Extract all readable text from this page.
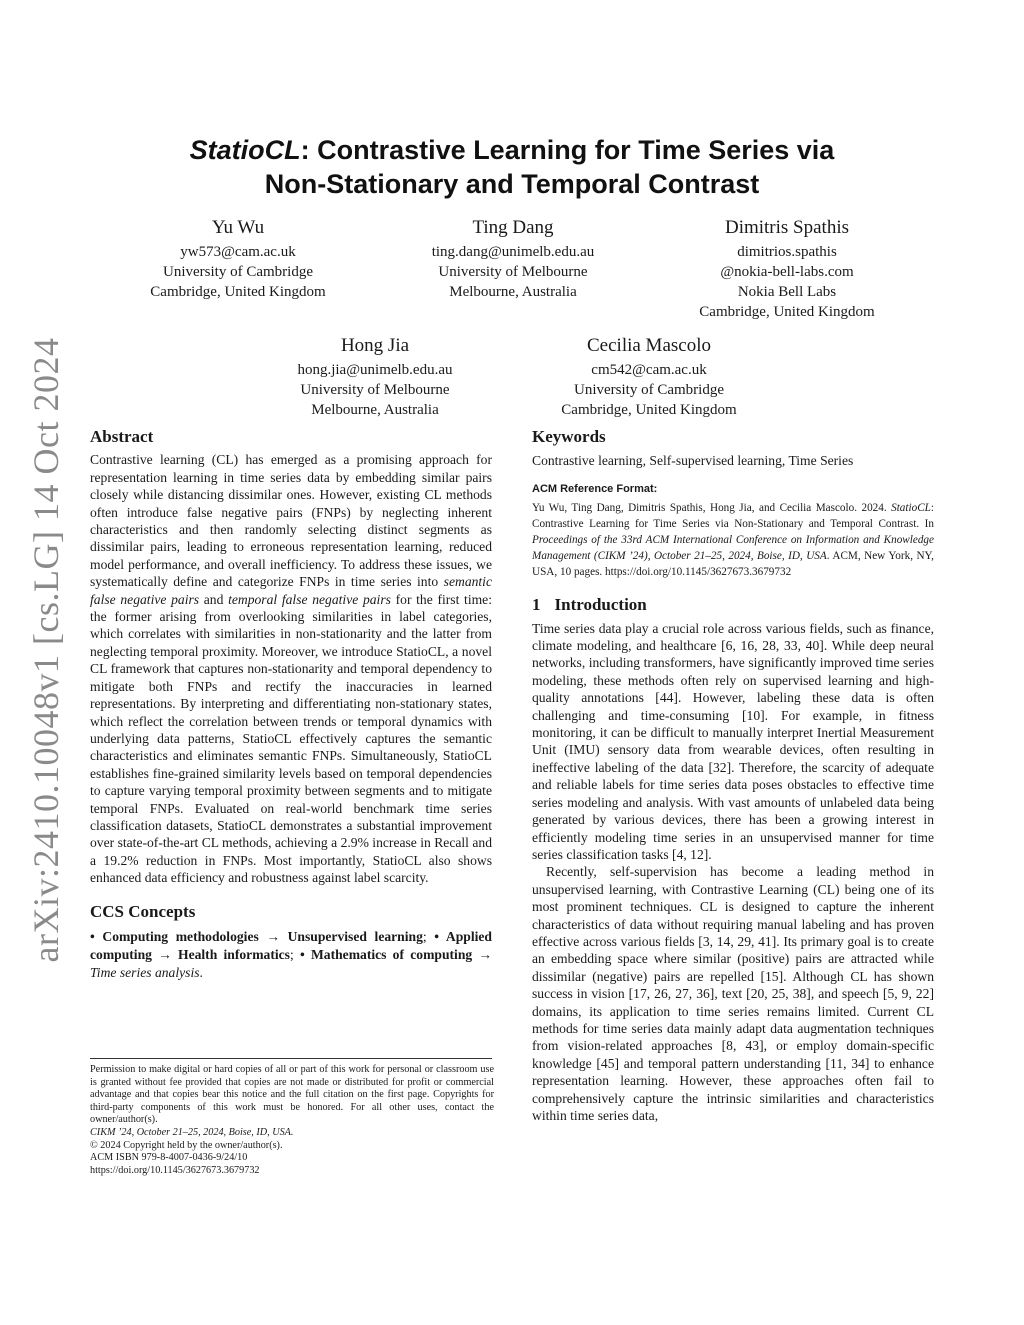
arXiv:2410.10048v1 [cs.LG] 14 Oct 2024
StatioCL: Contrastive Learning for Time Series via
Non-Stationary and Temporal Contrast
Yu Wu
yw573@cam.ac.uk
University of Cambridge
Cambridge, United Kingdom
Ting Dang
ting.dang@unimelb.edu.au
University of Melbourne
Melbourne, Australia
Dimitris Spathis
dimitrios.spathis
@nokia-bell-labs.com
Nokia Bell Labs
Cambridge, United Kingdom
Hong Jia
hong.jia@unimelb.edu.au
University of Melbourne
Melbourne, Australia
Cecilia Mascolo
cm542@cam.ac.uk
University of Cambridge
Cambridge, United Kingdom
Abstract

Contrastive learning (CL) has emerged as a promising approach for representation learning in time series data by embedding similar pairs closely while distancing dissimilar ones. However, existing CL methods often introduce false negative pairs (FNPs) by neglecting inherent characteristics and then randomly selecting distinct segments as dissimilar pairs, leading to erroneous representation learning, reduced model performance, and overall inefficiency. To address these issues, we systematically define and categorize FNPs in time series into semantic false negative pairs and temporal false negative pairs for the first time: the former arising from overlooking similarities in label categories, which correlates with similarities in non-stationarity and the latter from neglecting temporal proximity. Moreover, we introduce StatioCL, a novel CL framework that captures non-stationarity and temporal dependency to mitigate both FNPs and rectify the inaccuracies in learned representations. By interpreting and differentiating non-stationary states, which reflect the correlation between trends or temporal dynamics with underlying data patterns, StatioCL effectively captures the semantic characteristics and eliminates semantic FNPs. Simultaneously, StatioCL establishes fine-grained similarity levels based on temporal dependencies to capture varying temporal proximity between segments and to mitigate temporal FNPs. Evaluated on real-world benchmark time series classification datasets, StatioCL demonstrates a substantial improvement over state-of-the-art CL methods, achieving a 2.9% increase in Recall and a 19.2% reduction in FNPs. Most importantly, StatioCL also shows enhanced data efficiency and robustness against label scarcity.

CCS Concepts

• Computing methodologies → Unsupervised learning; • Applied computing → Health informatics; • Mathematics of computing → Time series analysis.

Permission to make digital or hard copies of all or part of this work for personal or classroom use is granted without fee provided that copies are not made or distributed for profit or commercial advantage and that copies bear this notice and the full citation on the first page. Copyrights for third-party components of this work must be honored. For all other uses, contact the owner/author(s).

CIKM ’24, October 21–25, 2024, Boise, ID, USA.

© 2024 Copyright held by the owner/author(s).

ACM ISBN 979-8-4007-0436-9/24/10

https://doi.org/10.1145/3627673.3679732

Keywords

Contrastive learning, Self-supervised learning, Time Series

ACM Reference Format:

Yu Wu, Ting Dang, Dimitris Spathis, Hong Jia, and Cecilia Mascolo. 2024. StatioCL: Contrastive Learning for Time Series via Non-Stationary and Temporal Contrast. In Proceedings of the 33rd ACM International Conference on Information and Knowledge Management (CIKM ’24), October 21–25, 2024, Boise, ID, USA. ACM, New York, NY, USA, 10 pages. https://doi.org/10.1145/3627673.3679732

1 Introduction

Time series data play a crucial role across various fields, such as finance, climate modeling, and healthcare [6, 16, 28, 33, 40]. While deep neural networks, including transformers, have significantly improved time series modeling, these methods often rely on supervised learning and high-quality annotations [44]. However, labeling these data is often challenging and time-consuming [10]. For example, in fitness monitoring, it can be difficult to manually interpret Inertial Measurement Unit (IMU) sensory data from wearable devices, often resulting in ineffective labeling of the data [32]. Therefore, the scarcity of adequate and reliable labels for time series data poses obstacles to effective time series modeling and analysis. With vast amounts of unlabeled data being generated by various devices, there has been a growing interest in efficiently modeling time series in an unsupervised manner for time series classification tasks [4, 12].

Recently, self-supervision has become a leading method in unsupervised learning, with Contrastive Learning (CL) being one of its most prominent techniques. CL is designed to capture the inherent characteristics of data without requiring manual labeling and has proven effective across various fields [3, 14, 29, 41]. Its primary goal is to create an embedding space where similar (positive) pairs are attracted while dissimilar (negative) pairs are repelled [15]. Although CL has shown success in vision [17, 26, 27, 36], text [20, 25, 38], and speech [5, 9, 22] domains, its application to time series remains limited. Current CL methods for time series data mainly adapt data augmentation techniques from vision-related approaches [8, 43], or employ domain-specific knowledge [45] and temporal pattern understanding [11, 34] to enhance representation learning. However, these approaches often fail to comprehensively capture the intrinsic similarities and characteristics within time series data,
